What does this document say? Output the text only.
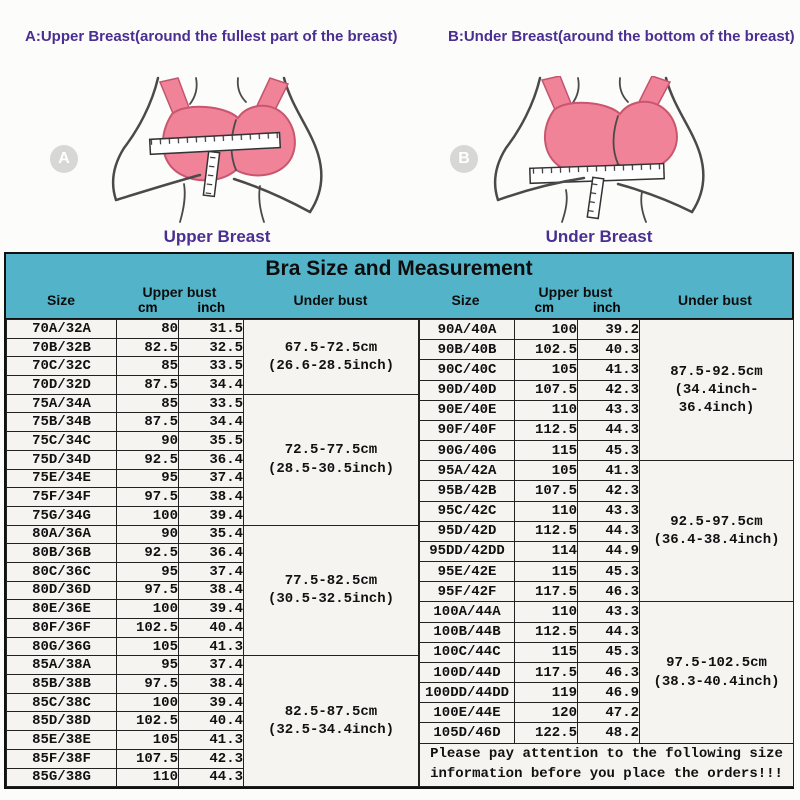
A:Upper Breast(around the fullest part of the breast)	B:Under Breast(around the bottom of the breast)
A	B
Upper Breast	Under Breast
Bra Size and Measurement
Size	Upper bust
cm	inch	Under bust	Size	Upper bust
cm	inch	Under bust
70A/32A	80	31.5	67.5-72.5cm
(26.6-28.5inch)

70B/32B	82.5	32.5	
70C/32C	85	33.5	
70D/32D	87.5	34.4	
75A/34A	85	33.5	72.5-77.5cm
(28.5-30.5inch)

75B/34B	87.5	34.4	
75C/34C	90	35.5	
75D/34D	92.5	36.4	
75E/34E	95	37.4	
75F/34F	97.5	38.4	
75G/34G	100	39.4	
80A/36A	90	35.4	77.5-82.5cm
(30.5-32.5inch)

80B/36B	92.5	36.4	
80C/36C	95	37.4	
80D/36D	97.5	38.4	
80E/36E	100	39.4	
80F/36F	102.5	40.4	
80G/36G	105	41.3	
85A/38A	95	37.4	82.5-87.5cm
(32.5-34.4inch)

85B/38B	97.5	38.4	
85C/38C	100	39.4	
85D/38D	102.5	40.4	
85E/38E	105	41.3	
85F/38F	107.5	42.3	
85G/38G	110	44.3	
90A/40A	100	39.2	87.5-92.5cm
(34.4inch-36.4inch)

90B/40B	102.5	40.3	
90C/40C	105	41.3	
90D/40D	107.5	42.3	
90E/40E	110	43.3	
90F/40F	112.5	44.3	
90G/40G	115	45.3	
95A/42A	105	41.3	92.5-97.5cm
(36.4-38.4inch)

95B/42B	107.5	42.3	
95C/42C	110	43.3	
95D/42D	112.5	44.3	
95DD/42DD	114	44.9	
95E/42E	115	45.3	
95F/42F	117.5	46.3	
100A/44A	110	43.3	97.5-102.5cm
(38.3-40.4inch)

100B/44B	112.5	44.3	
100C/44C	115	45.3	
100D/44D	117.5	46.3	
100DD/44DD	119	46.9	
100E/44E	120	47.2	
105D/46D	122.5	48.2	

Please pay attention to the following size
information before you place the orders!!!			
